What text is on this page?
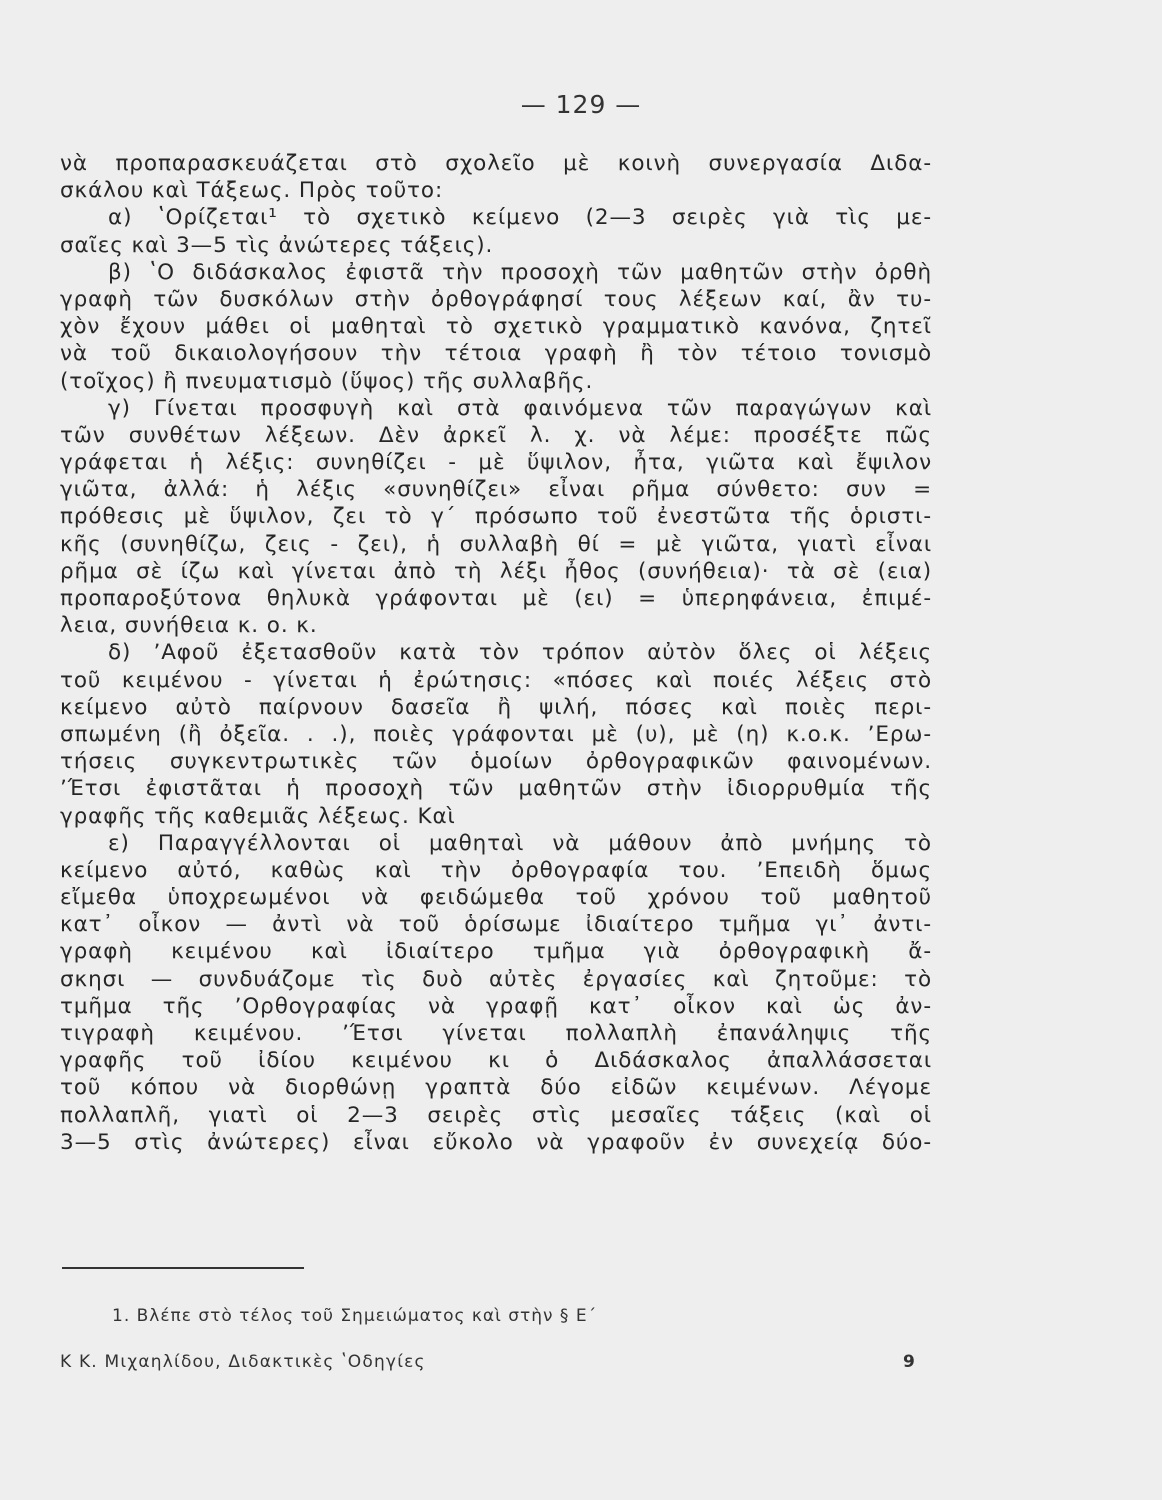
— 129 —
νὰ προπαρασκευάζεται στὸ σχολεῖο μὲ κοινὴ συνεργασία Διδα-
σκάλου καὶ Τάξεως. Πρὸς τοῦτο:
α) ʽΟρίζεται¹ τὸ σχετικὸ κείμενο (2—3 σειρὲς γιὰ τὶς με-
σαῖες καὶ 3—5 τὶς ἀνώτερες τάξεις).
β) ʽΟ διδάσκαλος ἐφιστᾶ τὴν προσοχὴ τῶν μαθητῶν στὴν ὀρθὴ
γραφὴ τῶν δυσκόλων στὴν ὀρθογράφησί τους λέξεων καί, ἂν τυ-
χὸν ἔχουν μάθει οἱ μαθηταὶ τὸ σχετικὸ γραμματικὸ κανόνα, ζητεῖ
νὰ τοῦ δικαιολογήσουν τὴν τέτοια γραφὴ ἢ τὸν τέτοιο τονισμὸ
(τοῖχος) ἢ πνευματισμὸ (ὕψος) τῆς συλλαβῆς.
γ) Γίνεται προσφυγὴ καὶ στὰ φαινόμενα τῶν παραγώγων καὶ
τῶν συνθέτων λέξεων. Δὲν ἀρκεῖ λ. χ. νὰ λέμε: προσέξτε πῶς
γράφεται ἡ λέξις: συνηθίζει - μὲ ὕψιλον, ἦτα, γιῶτα καὶ ἔψιλον
γιῶτα, ἀλλά: ἡ λέξις «συνηθίζει» εἶναι ρῆμα σύνθετο: συν =
πρόθεσις μὲ ὕψιλον, ζει τὸ γ΄ πρόσωπο τοῦ ἐνεστῶτα τῆς ὁριστι-
κῆς (συνηθίζω, ζεις - ζει), ἡ συλλαβὴ θί = μὲ γιῶτα, γιατὶ εἶναι
ρῆμα σὲ ίζω καὶ γίνεται ἀπὸ τὴ λέξι ἦθος (συνήθεια)· τὰ σὲ (εια)
προπαροξύτονα θηλυκὰ γράφονται μὲ (ει) = ὑπερηφάνεια, ἐπιμέ-
λεια, συνήθεια κ. ο. κ.
δ) ʼΑφοῦ ἐξετασθοῦν κατὰ τὸν τρόπον αὐτὸν ὅλες οἱ λέξεις
τοῦ κειμένου - γίνεται ἡ ἐρώτησις: «πόσες καὶ ποιές λέξεις στὸ
κείμενο αὐτὸ παίρνουν δασεῖα ἢ ψιλή, πόσες καὶ ποιὲς περι-
σπωμένη (ἢ ὀξεῖα. . .), ποιὲς γράφονται μὲ (υ), μὲ (η) κ.ο.κ. ʼΕρω-
τήσεις συγκεντρωτικὲς τῶν ὁμοίων ὀρθογραφικῶν φαινομένων.
ʼΈτσι ἐφιστᾶται ἡ προσοχὴ τῶν μαθητῶν στὴν ἰδιορρυθμία τῆς
γραφῆς τῆς καθεμιᾶς λέξεως. Καὶ
ε) Παραγγέλλονται οἱ μαθηταὶ νὰ μάθουν ἀπὸ μνήμης τὸ
κείμενο αὐτό, καθὼς καὶ τὴν ὀρθογραφία του. ʼΕπειδὴ ὅμως
εἴμεθα ὑποχρεωμένοι νὰ φειδώμεθα τοῦ χρόνου τοῦ μαθητοῦ
κατ᾽ οἶκον — ἀντὶ νὰ τοῦ ὁρίσωμε ἰδιαίτερο τμῆμα γι᾽ ἀντι-
γραφὴ κειμένου καὶ ἰδιαίτερο τμῆμα γιὰ ὀρθογραφικὴ ἄ-
σκησι — συνδυάζομε τὶς δυὸ αὐτὲς ἐργασίες καὶ ζητοῦμε: τὸ
τμῆμα τῆς ʼΟρθογραφίας νὰ γραφῇ κατ᾽ οἶκον καὶ ὡς ἀν-
τιγραφὴ κειμένου. ʼΈτσι γίνεται πολλαπλὴ ἐπανάληψις τῆς
γραφῆς τοῦ ἰδίου κειμένου κι ὁ Διδάσκαλος ἀπαλλάσσεται
τοῦ κόπου νὰ διορθώνῃ γραπτὰ δύο εἰδῶν κειμένων. Λέγομε
πολλαπλῆ, γιατὶ οἱ 2—3 σειρὲς στὶς μεσαῖες τάξεις (καὶ οἱ
3—5 στὶς ἀνώτερες) εἶναι εὔκολο νὰ γραφοῦν ἐν συνεχείᾳ δύο-
1. Βλέπε στὸ τέλος τοῦ Σημειώματος καὶ στὴν § Ε΄
Κ Κ. Μιχαηλίδου, Διδακτικὲς ʽΟδηγίες	9
